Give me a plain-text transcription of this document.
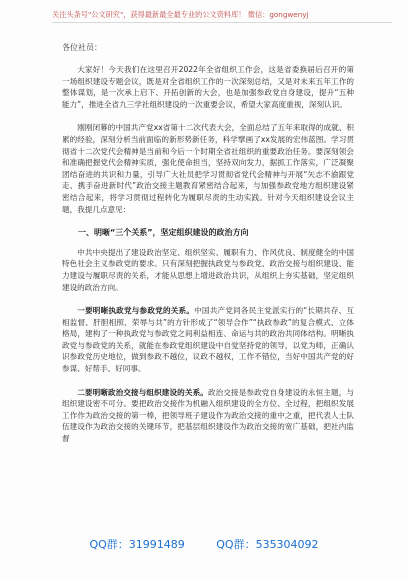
关注头条号"公文研究"，获得最新最全最专业的公文资料库！ 微信：gongwenyj
各位社员：

大家好！今天我们在这里召开2022年全省组织工作会，这是省委换届后召开的第一场组织建设专题会议，既是对全省组织工作的一次深刻总结，又是对未来五年工作的整体谋划，是一次承上启下、开拓创新的大会，也是加强参政党自身建设，提升“五种能力”，推进全省九三学社组织建设的一次重要会议，希望大家高度重视，深刻认识。

刚刚闭幕的中国共产党xx省第十二次代表大会，全面总结了五年来取得的成就、积累的经验，深刻分析当前面临的新形势新任务，科学擘画了xx发展的宏伟蓝图。学习贯彻省十二次党代会精神是当前和今后一个时期全省社组织的重要政治任务。要深刻领会和准确把握党代会精神实质，强化使命担当，坚持双向发力，据抓工作落实，广泛凝聚团结奋进的共识和力量，引导广大社员把学习贯彻省党代会精神与开展“矢志不渝跟党走、携手奋进新时代”政治交接主题教育紧密结合起来，与加强参政党地方组织建设紧密结合起来，将学习贯彻过程转化为履职尽责的生动实践。针对今天组织建设会议主题，我提几点意见：

一、明晰“三个关系”，坚定组织建设的政治方向

中共中央提出了建设政治坚定、组织坚实、履职有力、作风优良、制度健全的中国特色社会主义参政党的要求。只有深刻把握执政党与参政党、政治交接与组织建设、能力建设与履职尽责的关系，才能从思想上增进政治共识，从组织上夯实基础，坚定组织建设的政治方向。

一要明晰执政党与参政党的关系。中国共产党同各民主党派实行的“长期共存、互相监督、肝胆相照、荣辱与共”的方针形成了“领导合作”“执政参政”的复合模式、立体格局，建构了一种执政党与参政党之间利益相连、命运与共的政治共同体结构。明晰执政党与参政党的关系，就能在参政党组织建设中自觉坚持党的领导，以党为师，正确认识参政党历史地位，做到参政不越位，议政不越权，工作不错位，当好中国共产党的好参谋、好帮手、好同事。

二要明晰政治交接与组织建设的关系。政治交接是参政党自身建设的永恒主题，与组织建设密不可分。要把政治交接作为机融入组织建设的全方位、全过程，把组织发展工作作为政治交接的第一棒，把领导班子建设作为政治交接的重中之重，把代表人士队伍建设作为政治交接的关键环节，把基层组织建设作为政治交接的宽广基础，把社内监督

QQ群：31991489	QQ群：535304092
